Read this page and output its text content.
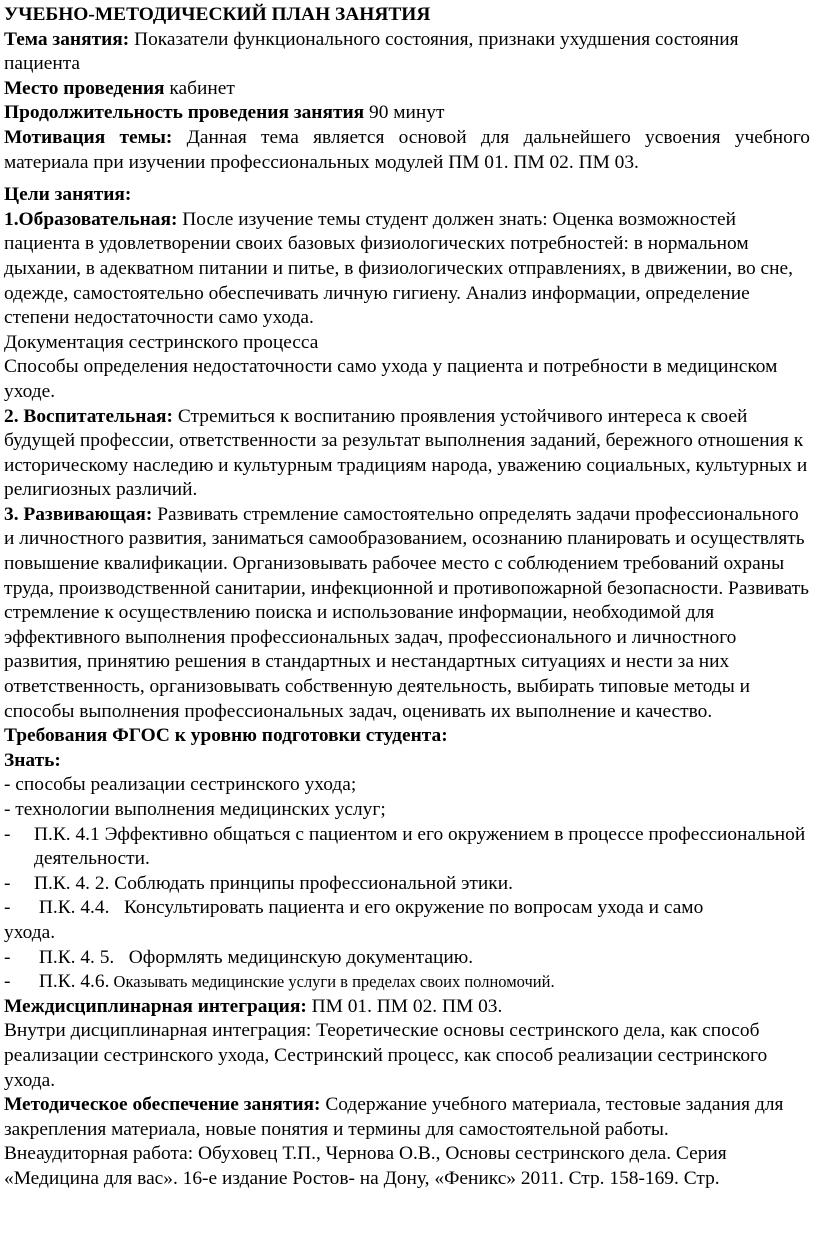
УЧЕБНО-МЕТОДИЧЕСКИЙ ПЛАН ЗАНЯТИЯ

Тема занятия: Показатели функционального состояния, признаки ухудшения состояния пациента

Место проведения кабинет

Продолжительность проведения занятия 90 минут

Мотивация темы: Данная тема является основой для дальнейшего усвоения учебного материала при изучении профессиональных модулей ПМ 01. ПМ 02. ПМ 03.

Цели занятия:

1.Образовательная: После изучение темы студент должен знать: Оценка возможностей пациента в удовлетворении своих базовых физиологических потребностей: в нормальном дыхании, в адекватном питании и питье, в физиологических отправлениях, в движении, во сне, одежде, самостоятельно обеспечивать личную гигиену. Анализ информации, определение степени недостаточности само ухода.

Документация сестринского процесса

Способы определения недостаточности само ухода у пациента и потребности в медицинском уходе.

2. Воспитательная: Стремиться к воспитанию проявления устойчивого интереса к своей будущей профессии, ответственности за результат выполнения заданий, бережного отношения к историческому наследию и культурным традициям народа, уважению социальных, культурных и религиозных различий.

3. Развивающая: Развивать стремление самостоятельно определять задачи профессионального и личностного развития, заниматься самообразованием, осознанию планировать и осуществлять повышение квалификации. Организовывать рабочее место с соблюдением требований охраны труда, производственной санитарии, инфекционной и противопожарной безопасности. Развивать стремление к осуществлению поиска и использование информации, необходимой для эффективного выполнения профессиональных задач, профессионального и личностного развития, принятию решения в стандартных и нестандартных ситуациях и нести за них ответственность, организовывать собственную деятельность, выбирать типовые методы и способы выполнения профессиональных задач, оценивать их выполнение и качество.

Требования ФГОС к уровню подготовки студента:

Знать:

- способы реализации сестринского ухода;

- технологии выполнения медицинских услуг;

-	П.К. 4.1 Эффективно общаться с пациентом и его окружением в процессе профессиональной деятельности.
-	П.К. 4. 2. Соблюдать принципы профессиональной этики.
-	П.К. 4.4.   Консультировать пациента и его окружение по вопросам ухода и само

ухода.

-	П.К. 4. 5.   Оформлять медицинскую документацию.
-	П.К. 4.6. Оказывать медицинские услуги в пределах своих полномочий.

Междисциплинарная интеграция: ПМ 01. ПМ 02. ПМ 03.

Внутри дисциплинарная интеграция: Теоретические основы сестринского дела, как способ реализации сестринского ухода, Сестринский процесс, как способ реализации сестринского ухода.

Методическое обеспечение занятия: Содержание учебного материала, тестовые задания для закрепления материала, новые понятия и термины для самостоятельной работы.

Внеаудиторная работа: Обуховец Т.П., Чернова О.В., Основы сестринского дела. Серия «Медицина для вас». 16-е издание Ростов- на Дону, «Феникс» 2011. Стр. 158-169. Стр.
